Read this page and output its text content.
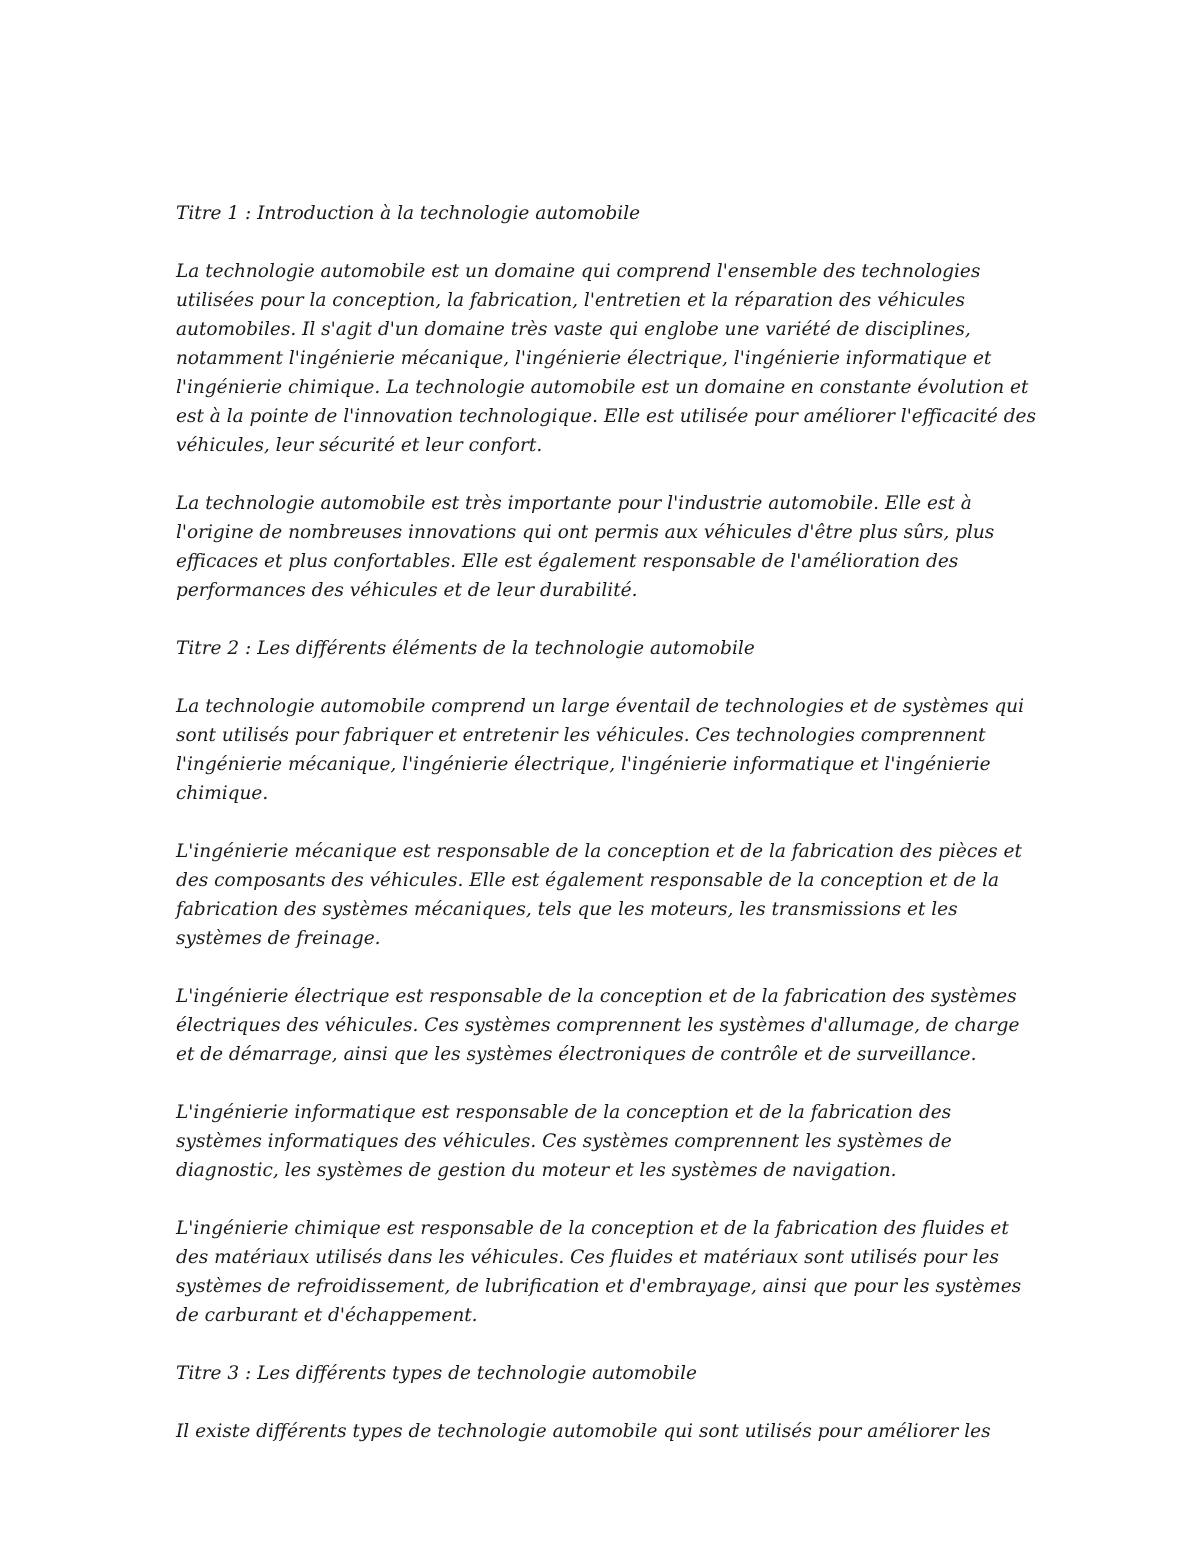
Titre 1 : Introduction à la technologie automobile

La technologie automobile est un domaine qui comprend l'ensemble des technologies utilisées pour la conception, la fabrication, l'entretien et la réparation des véhicules automobiles. Il s'agit d'un domaine très vaste qui englobe une variété de disciplines, notamment l'ingénierie mécanique, l'ingénierie électrique, l'ingénierie informatique et l'ingénierie chimique. La technologie automobile est un domaine en constante évolution et est à la pointe de l'innovation technologique. Elle est utilisée pour améliorer l'efficacité des véhicules, leur sécurité et leur confort.

La technologie automobile est très importante pour l'industrie automobile. Elle est à l'origine de nombreuses innovations qui ont permis aux véhicules d'être plus sûrs, plus efficaces et plus confortables. Elle est également responsable de l'amélioration des performances des véhicules et de leur durabilité.

Titre 2 : Les différents éléments de la technologie automobile

La technologie automobile comprend un large éventail de technologies et de systèmes qui sont utilisés pour fabriquer et entretenir les véhicules. Ces technologies comprennent l'ingénierie mécanique, l'ingénierie électrique, l'ingénierie informatique et l'ingénierie chimique.

L'ingénierie mécanique est responsable de la conception et de la fabrication des pièces et des composants des véhicules. Elle est également responsable de la conception et de la fabrication des systèmes mécaniques, tels que les moteurs, les transmissions et les systèmes de freinage.

L'ingénierie électrique est responsable de la conception et de la fabrication des systèmes électriques des véhicules. Ces systèmes comprennent les systèmes d'allumage, de charge et de démarrage, ainsi que les systèmes électroniques de contrôle et de surveillance.

L'ingénierie informatique est responsable de la conception et de la fabrication des systèmes informatiques des véhicules. Ces systèmes comprennent les systèmes de diagnostic, les systèmes de gestion du moteur et les systèmes de navigation.

L'ingénierie chimique est responsable de la conception et de la fabrication des fluides et des matériaux utilisés dans les véhicules. Ces fluides et matériaux sont utilisés pour les systèmes de refroidissement, de lubrification et d'embrayage, ainsi que pour les systèmes de carburant et d'échappement.

Titre 3 : Les différents types de technologie automobile

Il existe différents types de technologie automobile qui sont utilisés pour améliorer les
